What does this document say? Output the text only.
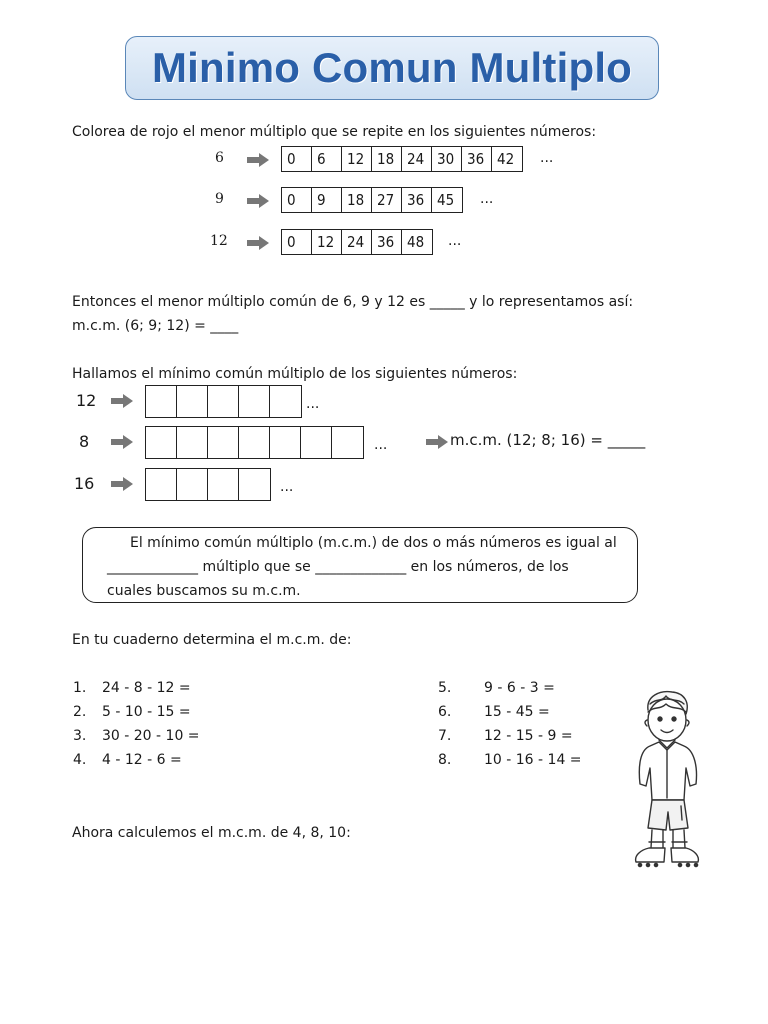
Minimo Comun Multiplo
Colorea de rojo el menor múltiplo que se repite en los siguientes números:
6	0	6	12 18 24 30 36 42	...
9	0	9	18 27 36 45	...
12	0	12 24 36 48	...
Entonces el menor múltiplo común de 6, 9 y 12 es _____ y lo representamos así:
m.c.m. (6; 9; 12) = ____
Hallamos el mínimo común múltiplo de los siguientes números:
12	...
8	...	m.c.m. (12; 8; 16) = _____
16	...
El mínimo común múltiplo (m.c.m.) de dos o más números es igual al
_____________ múltiplo que se _____________ en los números, de los
cuales buscamos su m.c.m.
En tu cuaderno determina el m.c.m. de:
1. 24 - 8 - 12 =
2. 5 - 10 - 15 =
3. 30 - 20 - 10 =
4. 4 - 12 - 6 =
5. 9 - 6 - 3 =
6. 15 - 45 =
7. 12 - 15 - 9 =
8. 10 - 16 - 14 =
Ahora calculemos el m.c.m. de 4, 8, 10:
